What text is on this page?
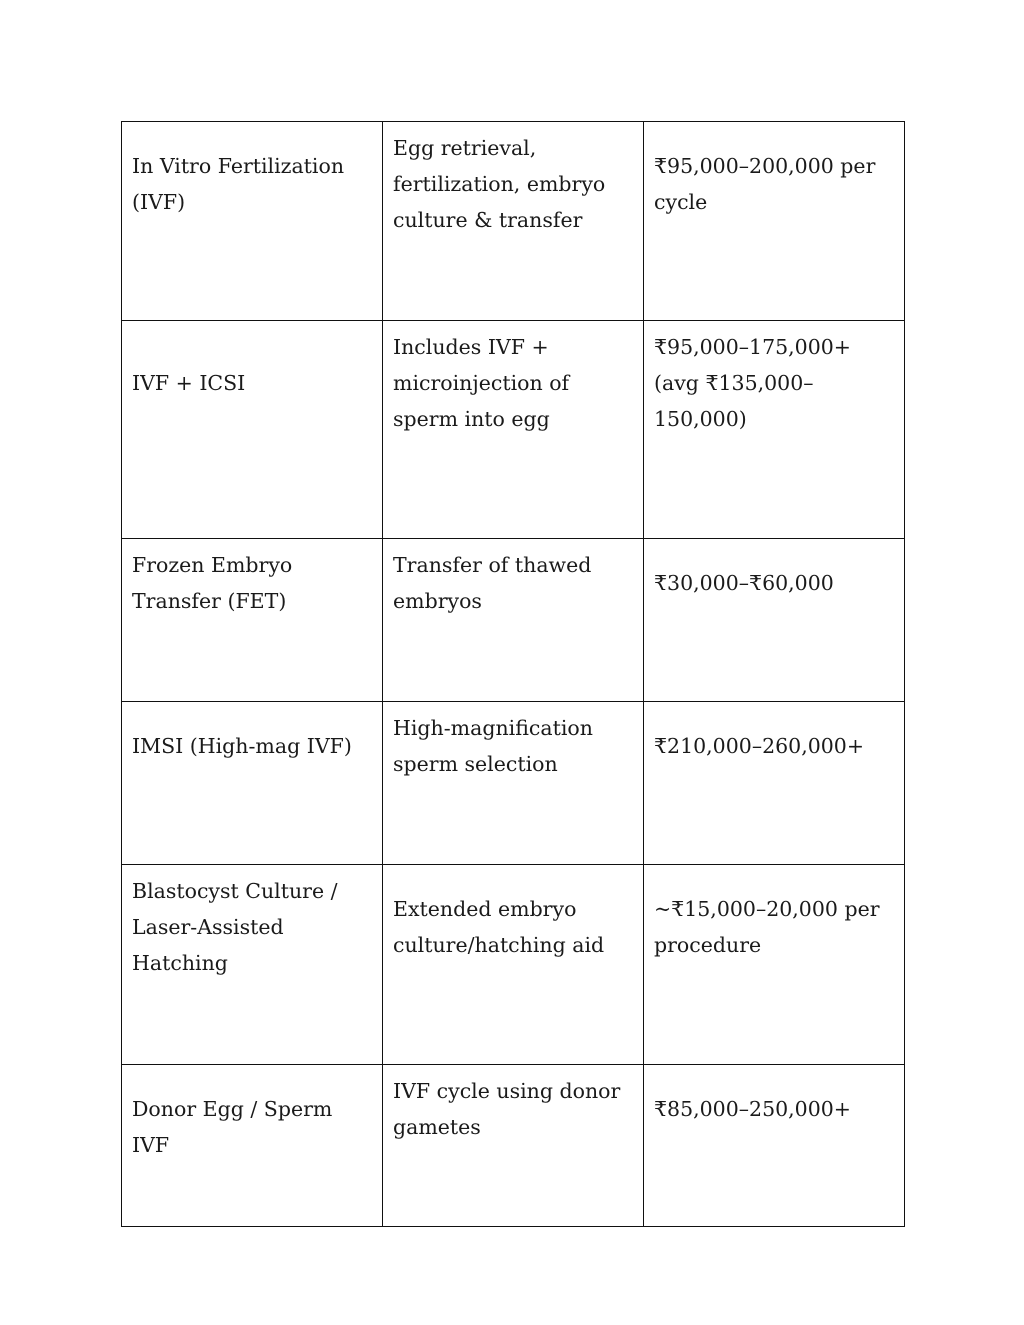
In Vitro Fertilization (IVF)	Egg retrieval, fertilization, embryo culture & transfer	₹95,000–200,000 per cycle
IVF + ICSI	Includes IVF + microinjection of sperm into egg	₹95,000–175,000+ (avg ₹135,000–150,000)
Frozen Embryo Transfer (FET)	Transfer of thawed embryos	₹30,000–₹60,000
IMSI (High-mag IVF)	High-magnification sperm selection	₹210,000–260,000+
Blastocyst Culture / Laser-Assisted Hatching	Extended embryo culture/hatching aid	~₹15,000–20,000 per procedure
Donor Egg / Sperm IVF	IVF cycle using donor gametes	₹85,000–250,000+
